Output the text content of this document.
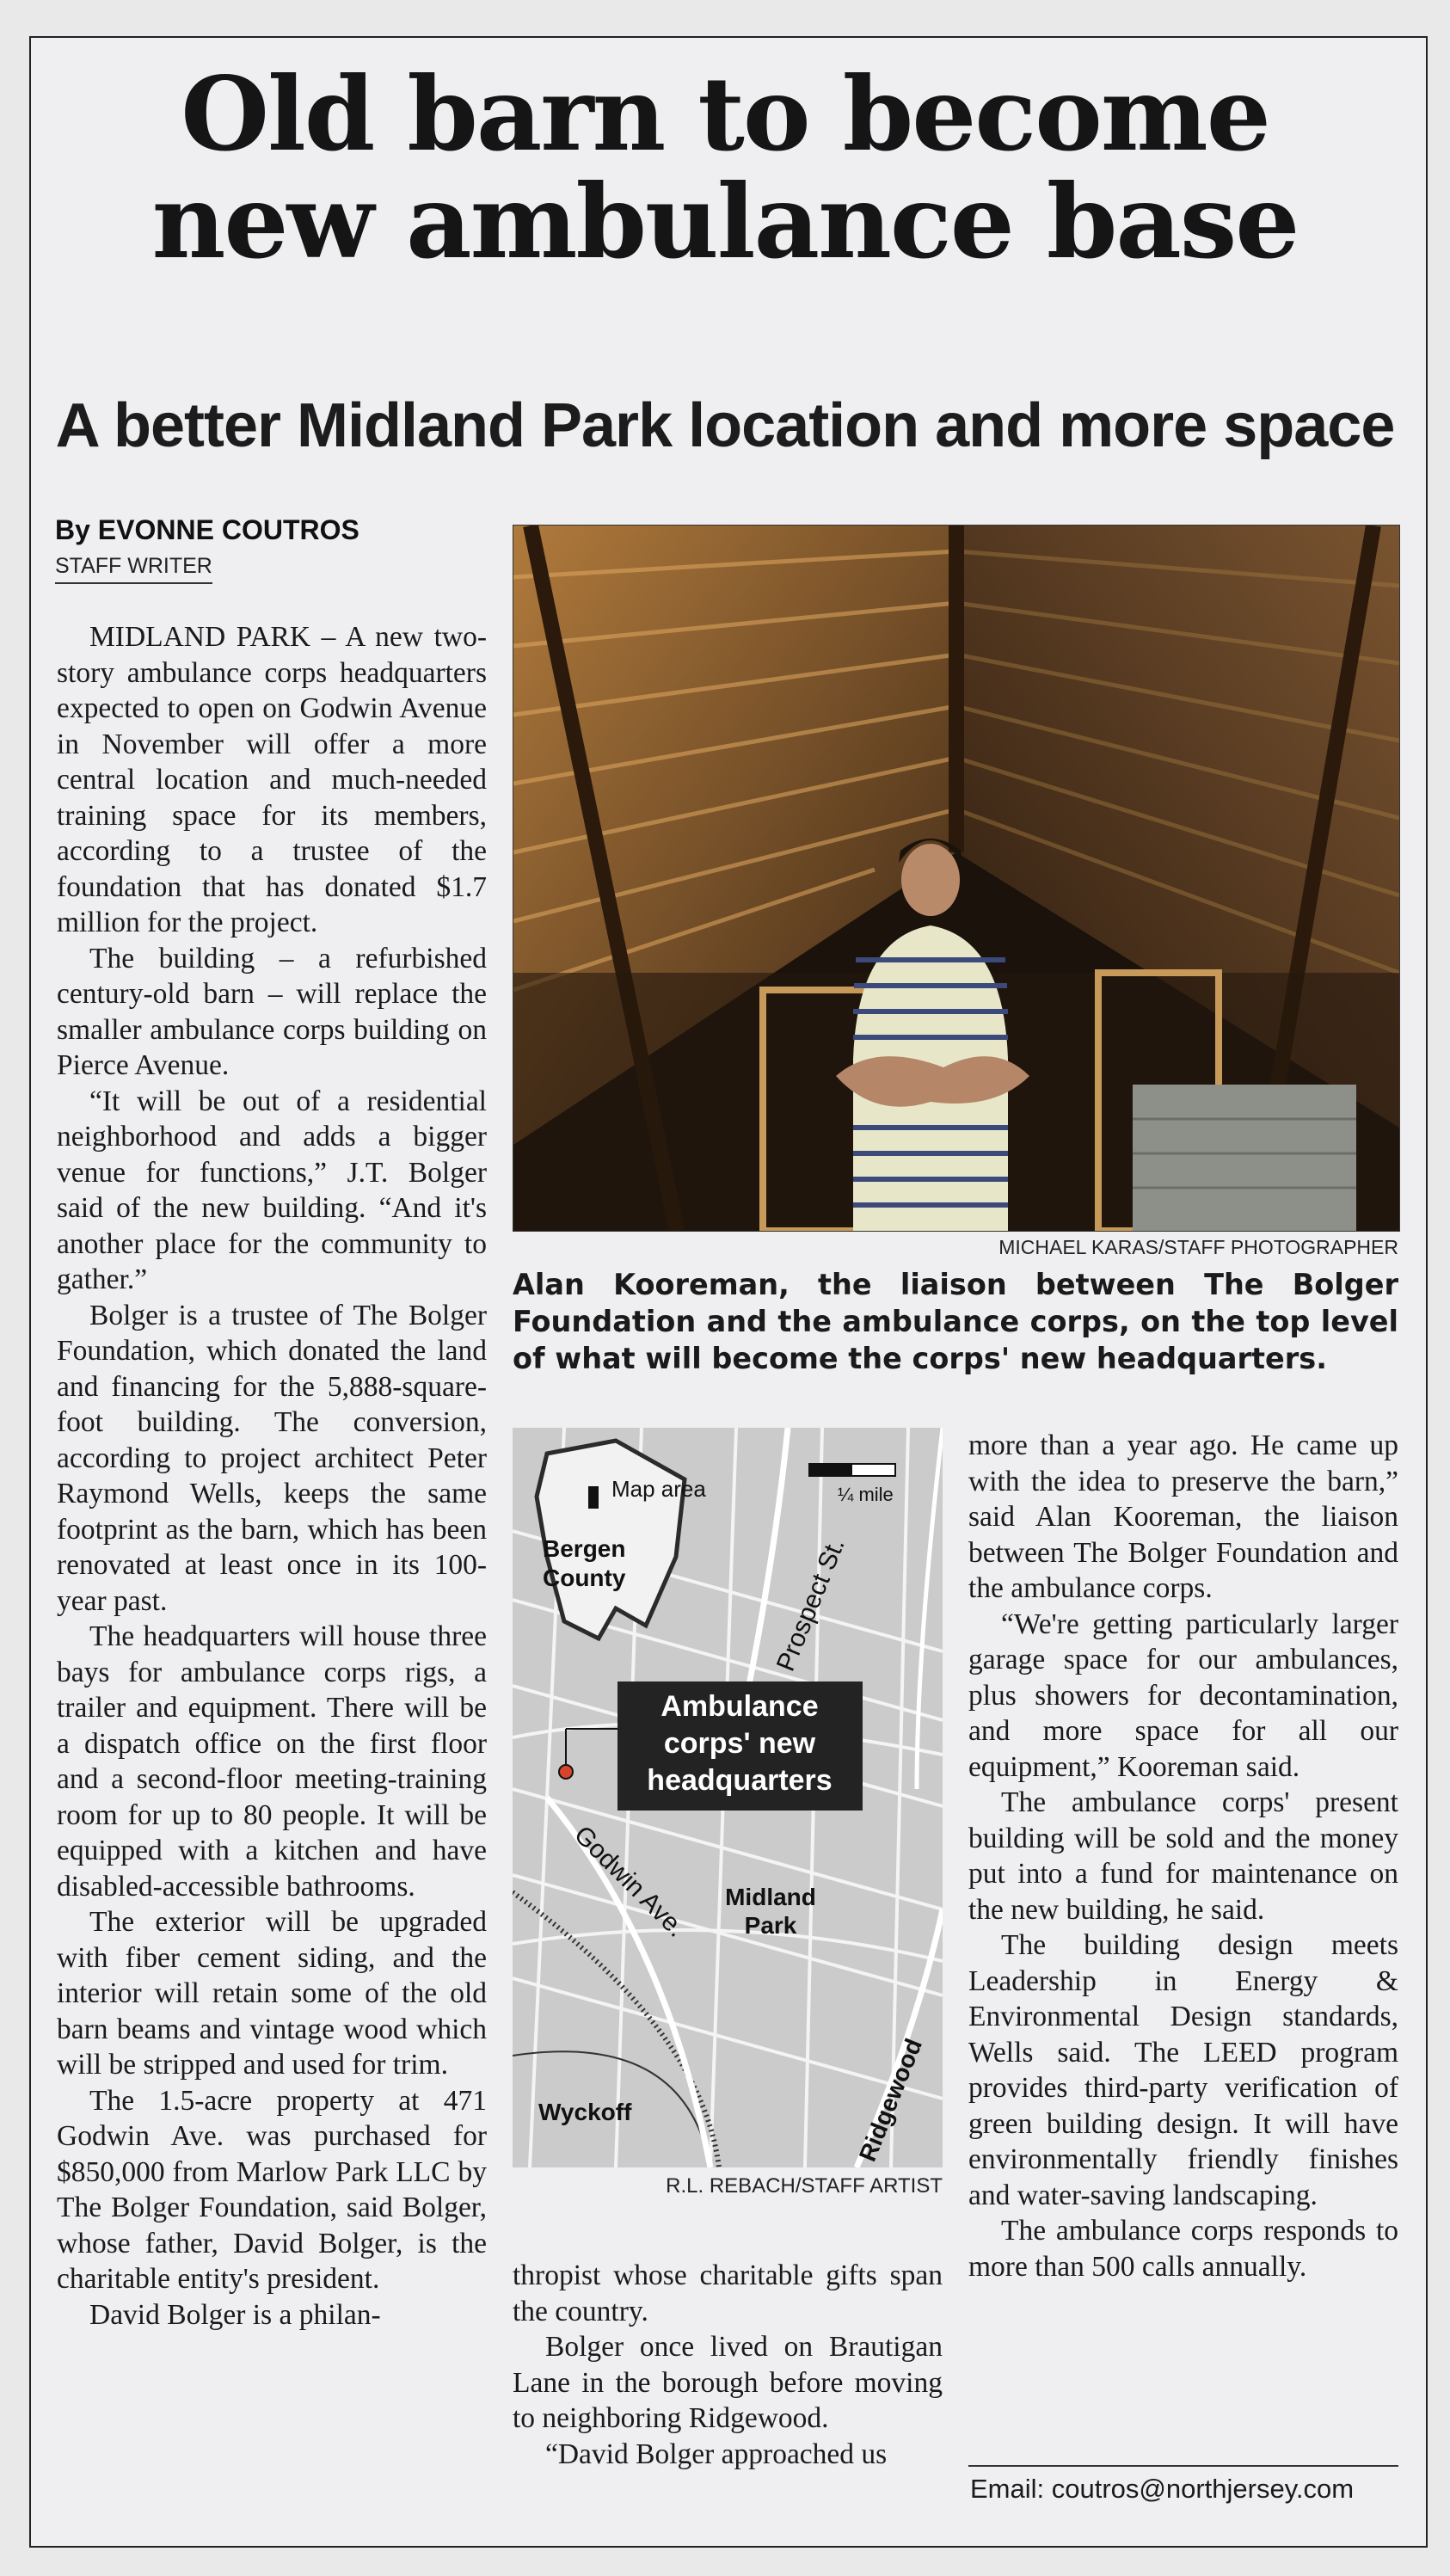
Old barn to become
new ambulance base
A better Midland Park location and more space
By EVONNE COUTROS
STAFF WRITER

MIDLAND PARK – A new two-story ambulance corps headquarters expected to open on Godwin Avenue in November will offer a more central location and much-needed training space for its members, according to a trustee of the foundation that has donated $1.7 million for the project.

The building – a refurbished century-old barn – will replace the smaller ambulance corps building on Pierce Avenue.

“It will be out of a residential neighborhood and adds a bigger venue for functions,” J.T. Bolger said of the new building. “And it's another place for the community to gather.”

Bolger is a trustee of The Bolger Foundation, which donated the land and financing for the 5,888-square-foot building. The conversion, according to project architect Peter Raymond Wells, keeps the same footprint as the barn, which has been renovated at least once in its 100-year past.

The headquarters will house three bays for ambulance corps rigs, a trailer and equipment. There will be a dispatch office on the first floor and a second-floor meeting-training room for up to 80 people. It will be equipped with a kitchen and have disabled-accessible bathrooms.

The exterior will be upgraded with fiber cement siding, and the interior will retain some of the old barn beams and vintage wood which will be stripped and used for trim.

The 1.5-acre property at 471 Godwin Ave. was purchased for $850,000 from Marlow Park LLC by The Bolger Foundation, said Bolger, whose father, David Bolger, is the charitable entity's president.

David Bolger is a philan-

MICHAEL KARAS/STAFF PHOTOGRAPHER

Alan Kooreman, the liaison between The Bolger Foundation and the ambulance corps, on the top level of what will become the corps' new headquarters.

Map area
Bergen
County
¼ mile
Prospect St.
Godwin Ave.
Ambulance
corps' new
headquarters
Midland
Park
Wyckoff	Ridgewood
R.L. REBACH/STAFF ARTIST

thropist whose charitable gifts span the country.

Bolger once lived on Brautigan Lane in the borough before moving to neighboring Ridgewood.

“David Bolger approached us

more than a year ago. He came up with the idea to preserve the barn,” said Alan Kooreman, the liaison between The Bolger Foundation and the ambulance corps.

“We're getting particularly larger garage space for our ambulances, plus showers for decontamination, and more space for all our equipment,” Kooreman said.

The ambulance corps' present building will be sold and the money put into a fund for maintenance on the new building, he said.

The building design meets Leadership in Energy & Environmental Design standards, Wells said. The LEED program provides third-party verification of green building design. It will have environmentally friendly finishes and water-saving landscaping.

The ambulance corps responds to more than 500 calls annually.

Email: coutros@northjersey.com
